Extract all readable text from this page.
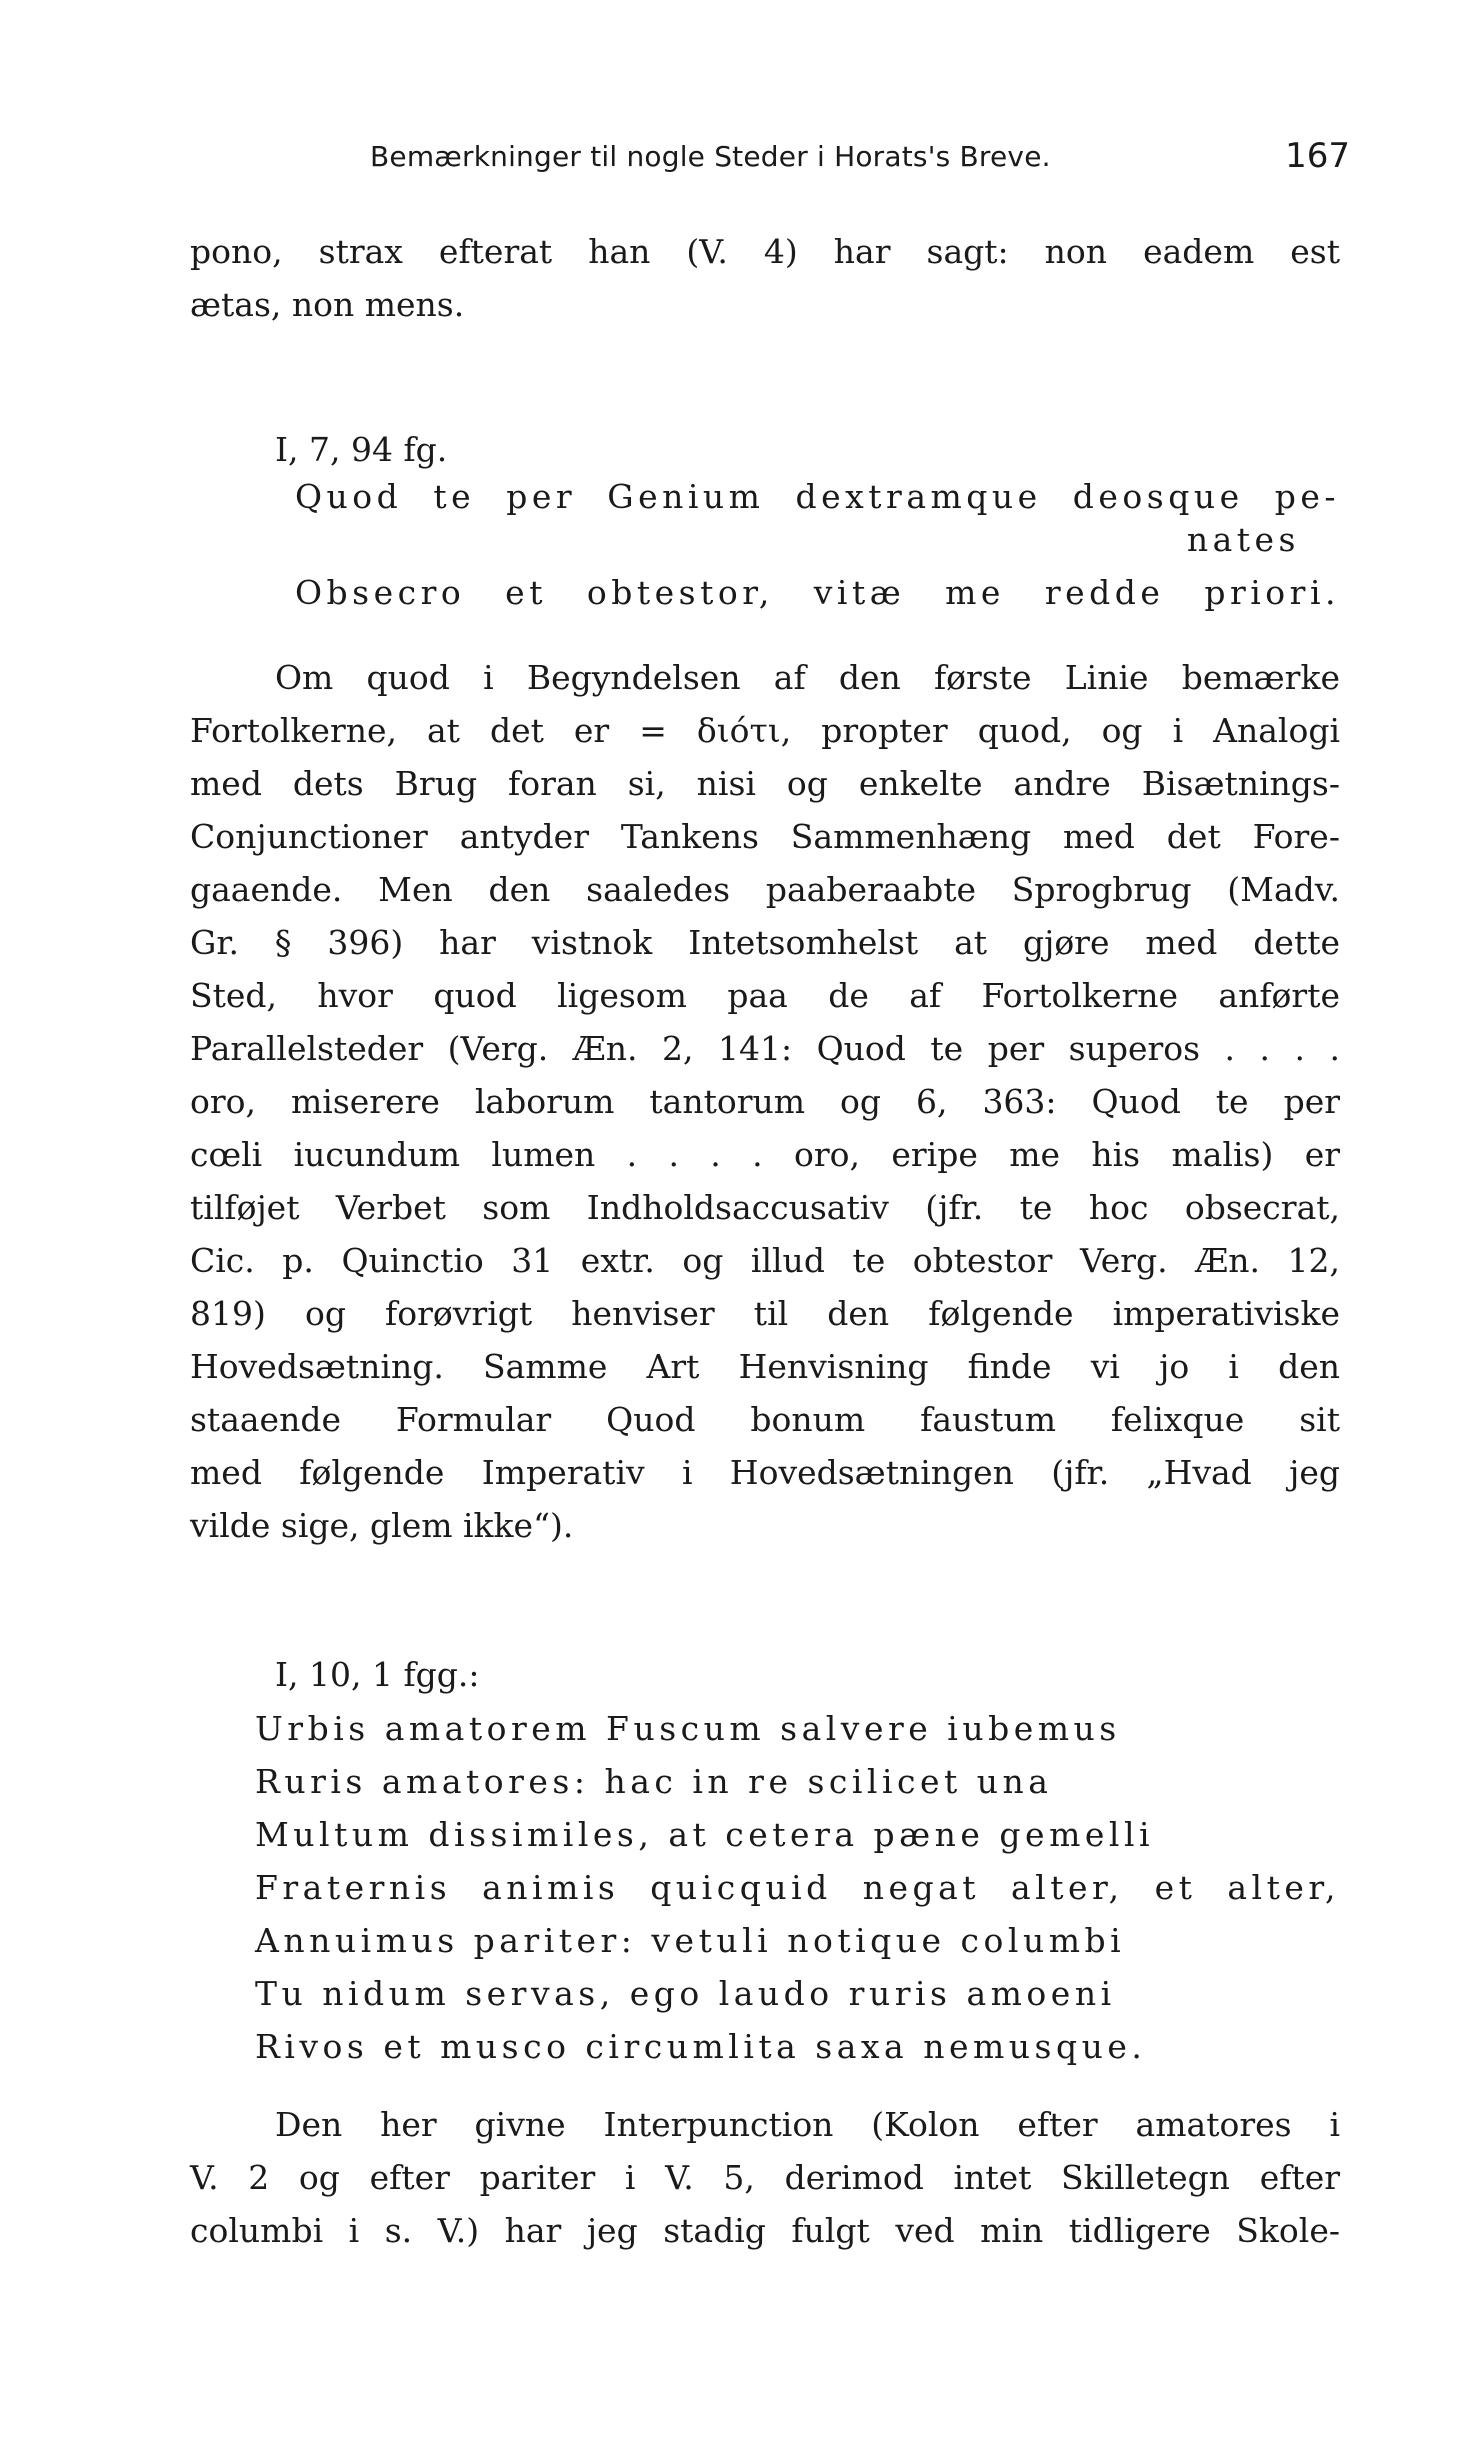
Bemærkninger til nogle Steder i Horats's Breve.	167
pono, strax efterat han (V. 4) har sagt: non eadem est
ætas, non mens.
I, 7, 94 fg.
Quod te per Genium dextramque deosque pe-
nates
Obsecro et obtestor, vitæ me redde priori.
Om quod i Begyndelsen af den første Linie bemærke
Fortolkerne, at det er = διότι, propter quod, og i Analogi
med dets Brug foran si, nisi og enkelte andre Bisætnings-
Conjunctioner antyder Tankens Sammenhæng med det Fore-
gaaende. Men den saaledes paaberaabte Sprogbrug (Madv.
Gr. § 396) har vistnok Intetsomhelst at gjøre med dette
Sted, hvor quod ligesom paa de af Fortolkerne anførte
Parallelsteder (Verg. Æn. 2, 141: Quod te per superos . . . .
oro, miserere laborum tantorum og 6, 363: Quod te per
cœli iucundum lumen . . . . oro, eripe me his malis) er
tilføjet Verbet som Indholdsaccusativ (jfr. te hoc obsecrat,
Cic. p. Quinctio 31 extr. og illud te obtestor Verg. Æn. 12,
819) og forøvrigt henviser til den følgende imperativiske
Hovedsætning. Samme Art Henvisning finde vi jo i den
staaende Formular Quod bonum faustum felixque sit
med følgende Imperativ i Hovedsætningen (jfr. „Hvad jeg
vilde sige, glem ikke“).
I, 10, 1 fgg.:
Urbis amatorem Fuscum salvere iubemus
Ruris amatores: hac in re scilicet una
Multum dissimiles, at cetera pæne gemelli
Fraternis animis quicquid negat alter, et alter,
Annuimus pariter: vetuli notique columbi
Tu nidum servas, ego laudo ruris amoeni
Rivos et musco circumlita saxa nemusque.
Den her givne Interpunction (Kolon efter amatores i
V. 2 og efter pariter i V. 5, derimod intet Skilletegn efter
columbi i s. V.) har jeg stadig fulgt ved min tidligere Skole-
